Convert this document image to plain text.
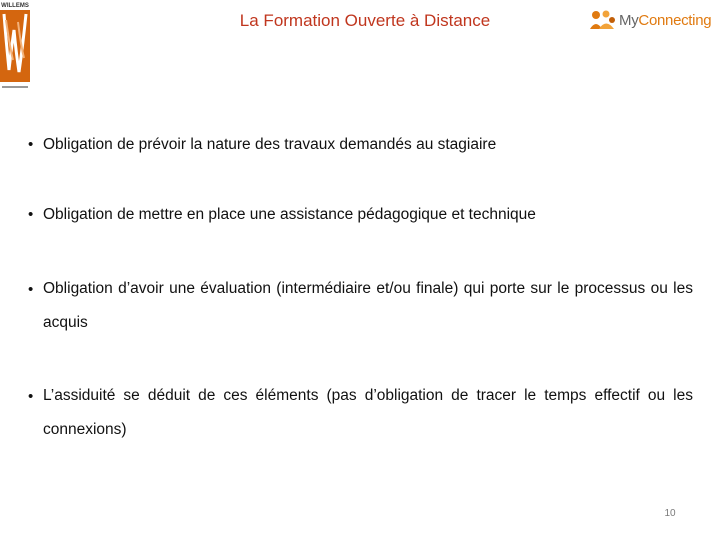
WILLEMS
La Formation Ouverte à Distance	My Connecting
• Obligation de prévoir la nature des travaux demandés au stagiaire
• Obligation de mettre en place une assistance pédagogique et technique
• Obligation d’avoir une évaluation (intermédiaire et/ou finale) qui porte sur le processus ou les acquis
• L’assiduité se déduit de ces éléments (pas d’obligation de tracer le temps effectif ou les connexions)
10
